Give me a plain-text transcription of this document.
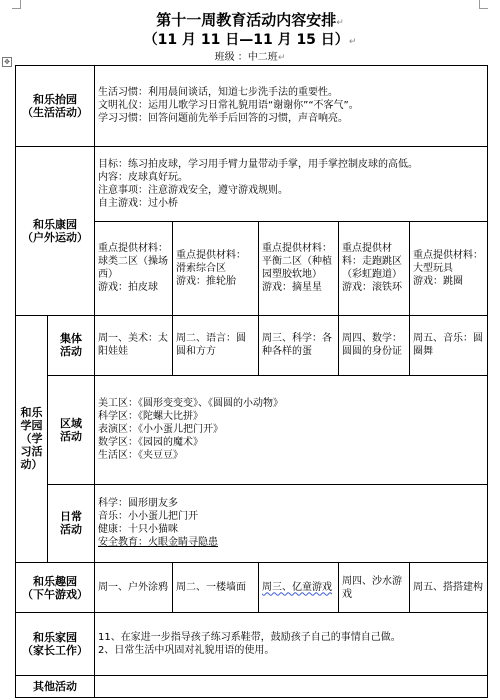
第十一周教育活动内容安排↵
（11 月 11 日—11 月 15 日）↵
班级 ：中二班↵
✥
和乐抬园
（生活活动）		生活习惯：利用晨间谈话，知道七步洗手法的重要性。
文明礼仪：运用儿歌学习日常礼貌用语“谢谢你”“不客气”。
学习习惯：回答问题前先举手后回答的习惯，声音响亮。				

和乐康园
（户外运动）		目标：练习拍皮球，学习用手臂力量带动手掌，用手掌控制皮球的高低。
内容：皮球真好玩。
注意事项：注意游戏安全，遵守游戏规则。
自主游戏：过小桥				

		重点提供材料：球类二区（操场西）
游戏：拍皮球	重点提供材料：滑索综合区
游戏：推轮胎	重点提供材料：平衡二区（种植园塑胶软地）
游戏：摘星星	重点提供材料：走跑跳区（彩虹跑道）
游戏：滚铁环	重点提供材料：大型玩具
游戏：跳圈

和乐学园（学习活动）	集体
活动	周一、美术：太阳娃娃	周二、语言：圆圆和方方	周三、科学：各种各样的蛋	周四、数学：圆圆的身份证	周五、音乐：圆圈舞

	区域
活动	美工区：《圆形变变变》、《圆圆的小动物》
科学区：《陀螺大比拼》
表演区：《小小蛋儿把门开》
数学区：《园园的魔术》
生活区：《夹豆豆》				

	日常
活动	科学：圆形朋友多
音乐：小小蛋儿把门开
健康：十只小猫咪
安全教育：火眼金睛寻隐患				

和乐趣园
（下午游戏）		周一、户外涂鸦	周二、一楼墙面	周三、亿童游戏	周四、沙水游戏	周五、搭搭建构

和乐家园
（家长工作）		11、在家进一步指导孩子练习系鞋带，鼓励孩子自己的事情自己做。
2、日常生活中巩固对礼貌用语的使用。				

其他活动						
